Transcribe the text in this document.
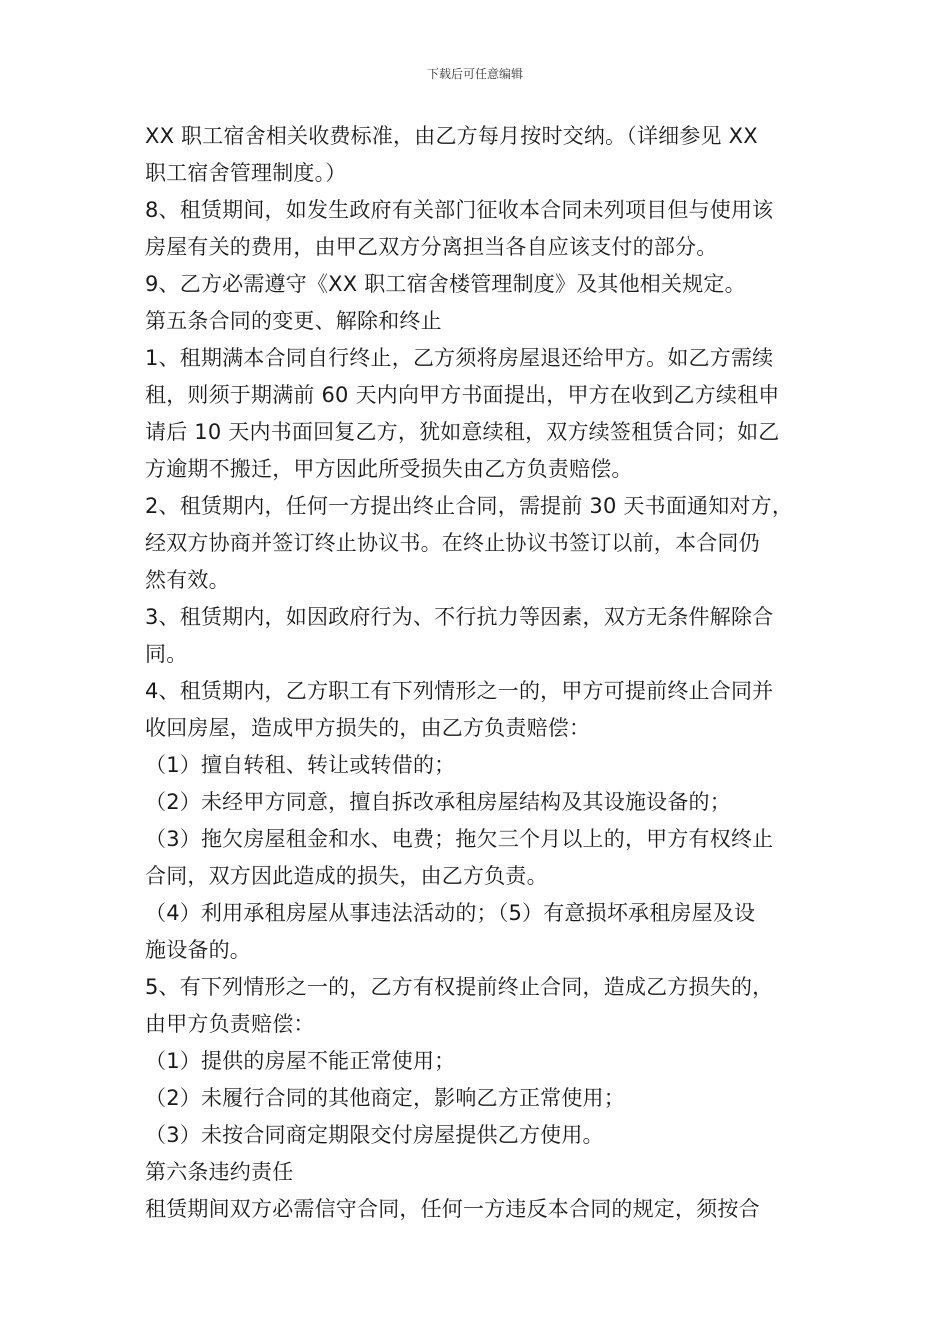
下载后可任意编辑
XX 职工宿舍相关收费标准，由乙方每月按时交纳。（详细参见 XX
职工宿舍管理制度。）
8、租赁期间，如发生政府有关部门征收本合同未列项目但与使用该
房屋有关的费用，由甲乙双方分离担当各自应该支付的部分。
9、乙方必需遵守《XX 职工宿舍楼管理制度》及其他相关规定。
第五条合同的变更、解除和终止
1、租期满本合同自行终止，乙方须将房屋退还给甲方。如乙方需续
租，则须于期满前 60 天内向甲方书面提出，甲方在收到乙方续租申
请后 10 天内书面回复乙方，犹如意续租，双方续签租赁合同；如乙
方逾期不搬迁，甲方因此所受损失由乙方负责赔偿。
2、租赁期内，任何一方提出终止合同，需提前 30 天书面通知对方，
经双方协商并签订终止协议书。在终止协议书签订以前，本合同仍
然有效。
3、租赁期内，如因政府行为、不行抗力等因素，双方无条件解除合
同。
4、租赁期内，乙方职工有下列情形之一的，甲方可提前终止合同并
收回房屋，造成甲方损失的，由乙方负责赔偿：
（1）擅自转租、转让或转借的；
（2）未经甲方同意，擅自拆改承租房屋结构及其设施设备的；
（3）拖欠房屋租金和水、电费；拖欠三个月以上的，甲方有权终止
合同，双方因此造成的损失，由乙方负责。
（4）利用承租房屋从事违法活动的；（5）有意损坏承租房屋及设
施设备的。
5、有下列情形之一的，乙方有权提前终止合同，造成乙方损失的，
由甲方负责赔偿：
（1）提供的房屋不能正常使用；
（2）未履行合同的其他商定，影响乙方正常使用；
（3）未按合同商定期限交付房屋提供乙方使用。
第六条违约责任
租赁期间双方必需信守合同，任何一方违反本合同的规定，须按合
